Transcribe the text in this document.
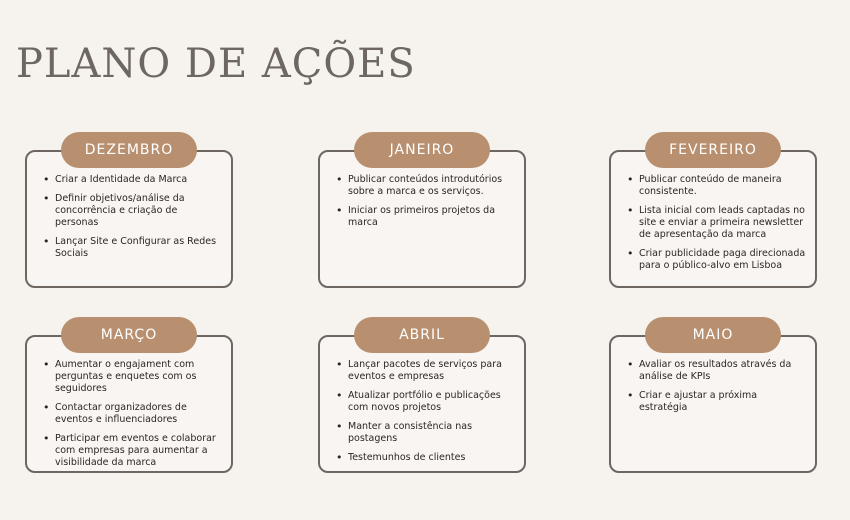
PLANO DE AÇÕES
DEZEMBRO
• Criar a Identidade da Marca
• Definir objetivos/análise da concorrência e criação de personas
• Lançar Site e Configurar as Redes Sociais
JANEIRO
• Publicar conteúdos introdutórios sobre a marca e os serviços.
• Iniciar os primeiros projetos da marca
FEVEREIRO
• Publicar conteúdo de maneira consistente.
• Lista inicial com leads captadas no site e enviar a primeira newsletter de apresentação da marca
• Criar publicidade paga direcionada para o público-alvo em Lisboa
MARÇO
• Aumentar o engajament com perguntas e enquetes com os seguidores
• Contactar organizadores de eventos e influenciadores
• Participar em eventos e colaborar com empresas para aumentar a visibilidade da marca
ABRIL
• Lançar pacotes de serviços para eventos e empresas
• Atualizar portfólio e publicações com novos projetos
• Manter a consistência nas postagens
• Testemunhos de clientes
MAIO
• Avaliar os resultados através da análise de KPIs
• Criar e ajustar a próxima estratégia
